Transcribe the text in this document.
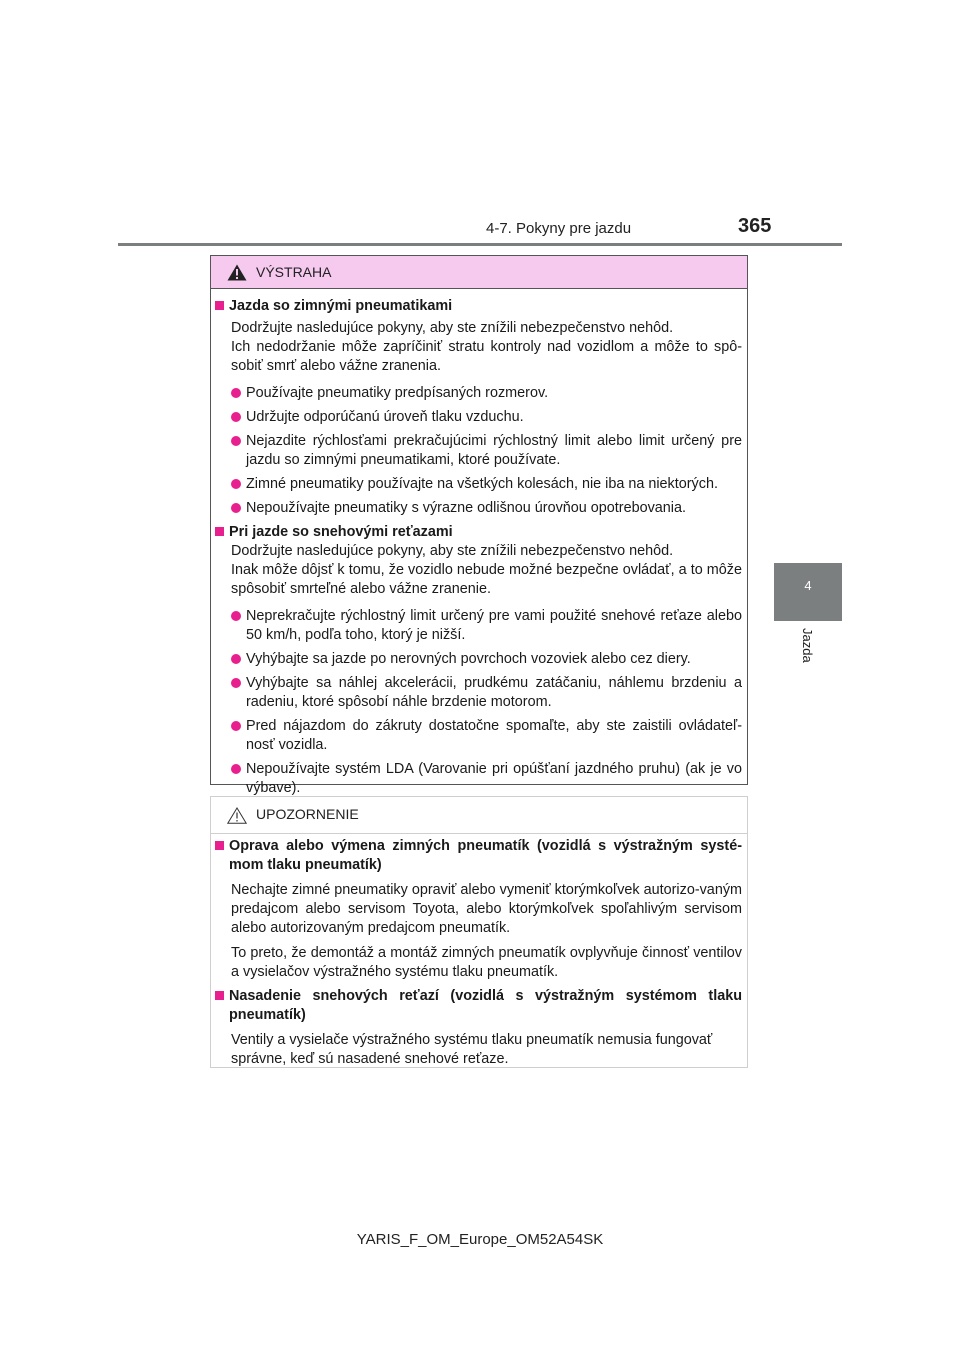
4-7. Pokyny pre jazdu	365
4
Jazda
VÝSTRAHA
Jazda so zimnými pneumatikami
Dodržujte nasledujúce pokyny, aby ste znížili nebezpečenstvo nehôd.
Ich nedodržanie môže zapríčiniť stratu kontroly nad vozidlom a môže to spô-sobiť smrť alebo vážne zranenia.
Používajte pneumatiky predpísaných rozmerov.
Udržujte odporúčanú úroveň tlaku vzduchu.
Nejazdite rýchlosťami prekračujúcimi rýchlostný limit alebo limit určený pre jazdu so zimnými pneumatikami, ktoré používate.
Zimné pneumatiky používajte na všetkých kolesách, nie iba na niektorých.
Nepoužívajte pneumatiky s výrazne odlišnou úrovňou opotrebovania.
Pri jazde so snehovými reťazami
Dodržujte nasledujúce pokyny, aby ste znížili nebezpečenstvo nehôd.
Inak môže dôjsť k tomu, že vozidlo nebude možné bezpečne ovládať, a to môže spôsobiť smrteľné alebo vážne zranenie.
Neprekračujte rýchlostný limit určený pre vami použité snehové reťaze alebo 50 km/h, podľa toho, ktorý je nižší.
Vyhýbajte sa jazde po nerovných povrchoch vozoviek alebo cez diery.
Vyhýbajte sa náhlej akcelerácii, prudkému zatáčaniu, náhlemu brzdeniu a radeniu, ktoré spôsobí náhle brzdenie motorom.
Pred nájazdom do zákruty dostatočne spomaľte, aby ste zaistili ovládateľ-nosť vozidla.
Nepoužívajte systém LDA (Varovanie pri opúšťaní jazdného pruhu) (ak je vo výbave).
UPOZORNENIE
Oprava alebo výmena zimných pneumatík (vozidlá s výstražným systé-mom tlaku pneumatík)
Nechajte zimné pneumatiky opraviť alebo vymeniť ktorýmkoľvek autorizo-vaným predajcom alebo servisom Toyota, alebo ktorýmkoľvek spoľahlivým servisom alebo autorizovaným predajcom pneumatík.
To preto, že demontáž a montáž zimných pneumatík ovplyvňuje činnosť ventilov a vysielačov výstražného systému tlaku pneumatík.
Nasadenie snehových reťazí (vozidlá s výstražným systémom tlaku pneumatík)
Ventily a vysielače výstražného systému tlaku pneumatík nemusia fungovať správne, keď sú nasadené snehové reťaze.
YARIS_F_OM_Europe_OM52A54SK
